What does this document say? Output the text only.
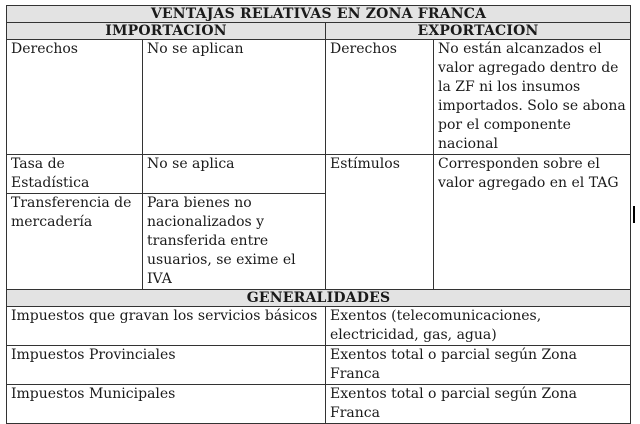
VENTAJAS RELATIVAS EN ZONA FRANCA			
IMPORTACION		EXPORTACION	
Derechos	No se aplican	Derechos	No están alcanzados el valor agregado dentro de la ZF ni los insumos importados. Solo se abona por el componente nacional
Tasa de Estadística	No se aplica	Estímulos	Corresponden sobre el valor agregado en el TAG
Transferencia de mercadería	Para bienes no nacionalizados y transferida entre usuarios, se exime el IVA		
GENERALIDADES			
Impuestos que gravan los servicios básicos		Exentos (telecomunicaciones, electricidad, gas, agua)	
Impuestos Provinciales		Exentos total o parcial según Zona Franca	
Impuestos Municipales		Exentos total o parcial según Zona Franca	
